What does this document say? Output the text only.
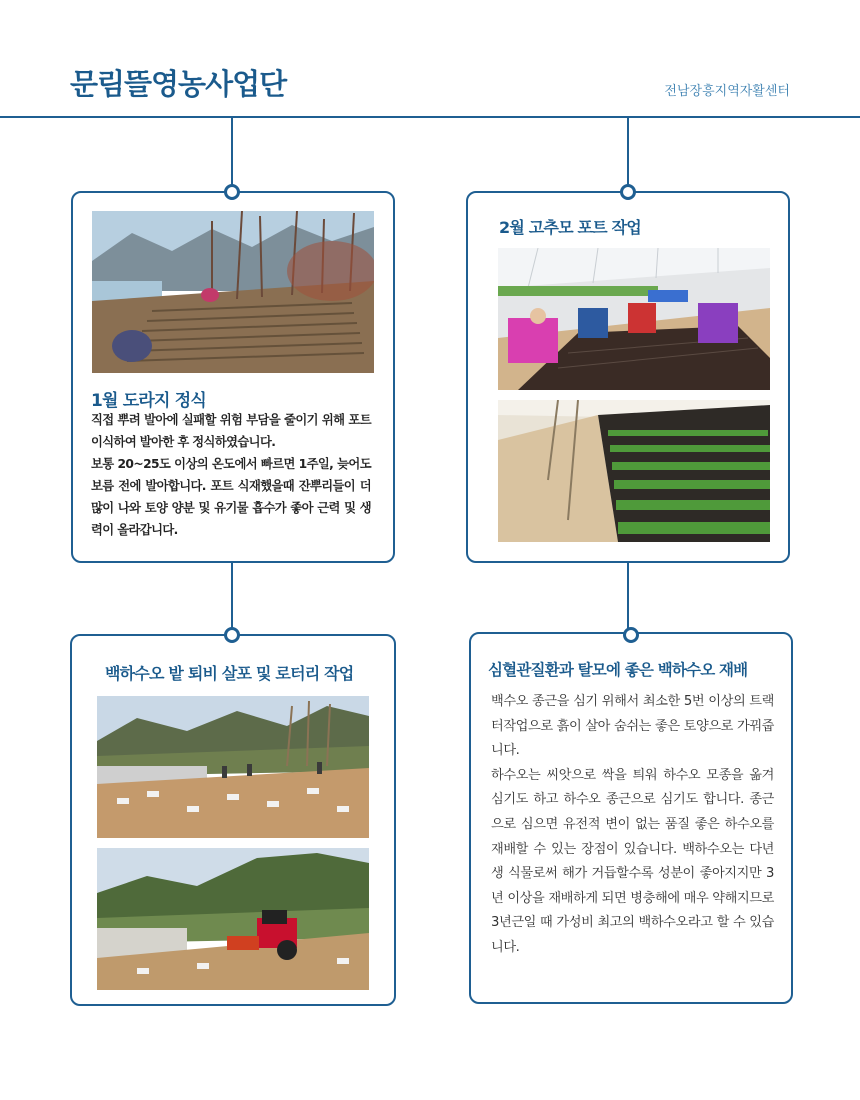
문림뜰영농사업단	전남장흥지역자활센터
1월 도라지 정식

직접 뿌려 발아에 실패할 위험 부담을 줄이기 위해 포트 이식하여 발아한 후 정식하였습니다.

보통 20~25도 이상의 온도에서 빠르면 1주일, 늦어도 보름 전에 발아합니다. 포트 식재했을때 잔뿌리들이 더 많이 나와 토양 양분 및 유기물 흡수가 좋아 근력 및 생력이 올라갑니다.

2월 고추모 포트 작업
백하수오 밭 퇴비 살포 및 로터리 작업	심혈관질환과 탈모에 좋은 백하수오 재배

백수오 종근을 심기 위해서 최소한 5번 이상의 트랙터작업으로 흙이 살아 숨쉬는 좋은 토양으로 가꿔줍니다.

하수오는 씨앗으로 싹을 틔워 하수오 모종을 옮겨 심기도 하고 하수오 종근으로 심기도 합니다. 종근으로 심으면 유전적 변이 없는 품질 좋은 하수오를 재배할 수 있는 장점이 있습니다. 백하수오는 다년생 식물로써 해가 거듭할수록 성분이 좋아지지만 3년 이상을 재배하게 되면 병충해에 매우 약해지므로 3년근일 때 가성비 최고의 백하수오라고 할 수 있습니다.
